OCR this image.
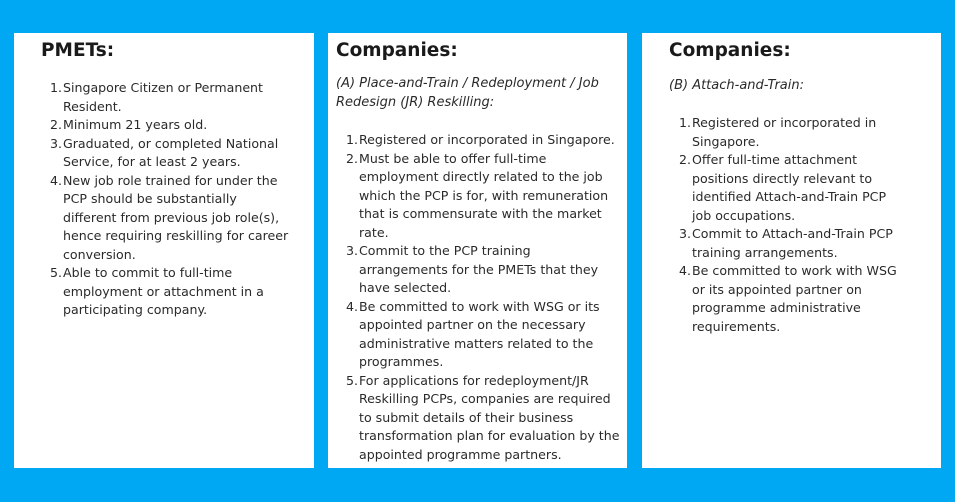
PMETs:
1. Singapore Citizen or Permanent Resident.
2. Minimum 21 years old.
3. Graduated, or completed National Service, for at least 2 years.
4. New job role trained for under the PCP should be substantially different from previous job role(s), hence requiring reskilling for career conversion.
5. Able to commit to full-time employment or attachment in a participating company.
Companies:

(A) Place-and-Train / Redeployment / Job Redesign (JR) Reskilling:

1. Registered or incorporated in Singapore.
2. Must be able to offer full-time employment directly related to the job which the PCP is for, with remuneration that is commensurate with the market rate.
3. Commit to the PCP training arrangements for the PMETs that they have selected.
4. Be committed to work with WSG or its appointed partner on the necessary administrative matters related to the programmes.
5. For applications for redeployment/JR Reskilling PCPs, companies are required to submit details of their business transformation plan for evaluation by the appointed programme partners.
Companies:

(B) Attach-and-Train:

1. Registered or incorporated in Singapore.
2. Offer full-time attachment positions directly relevant to identified Attach-and-Train PCP job occupations.
3. Commit to Attach-and-Train PCP training arrangements.
4. Be committed to work with WSG or its appointed partner on programme administrative requirements.
